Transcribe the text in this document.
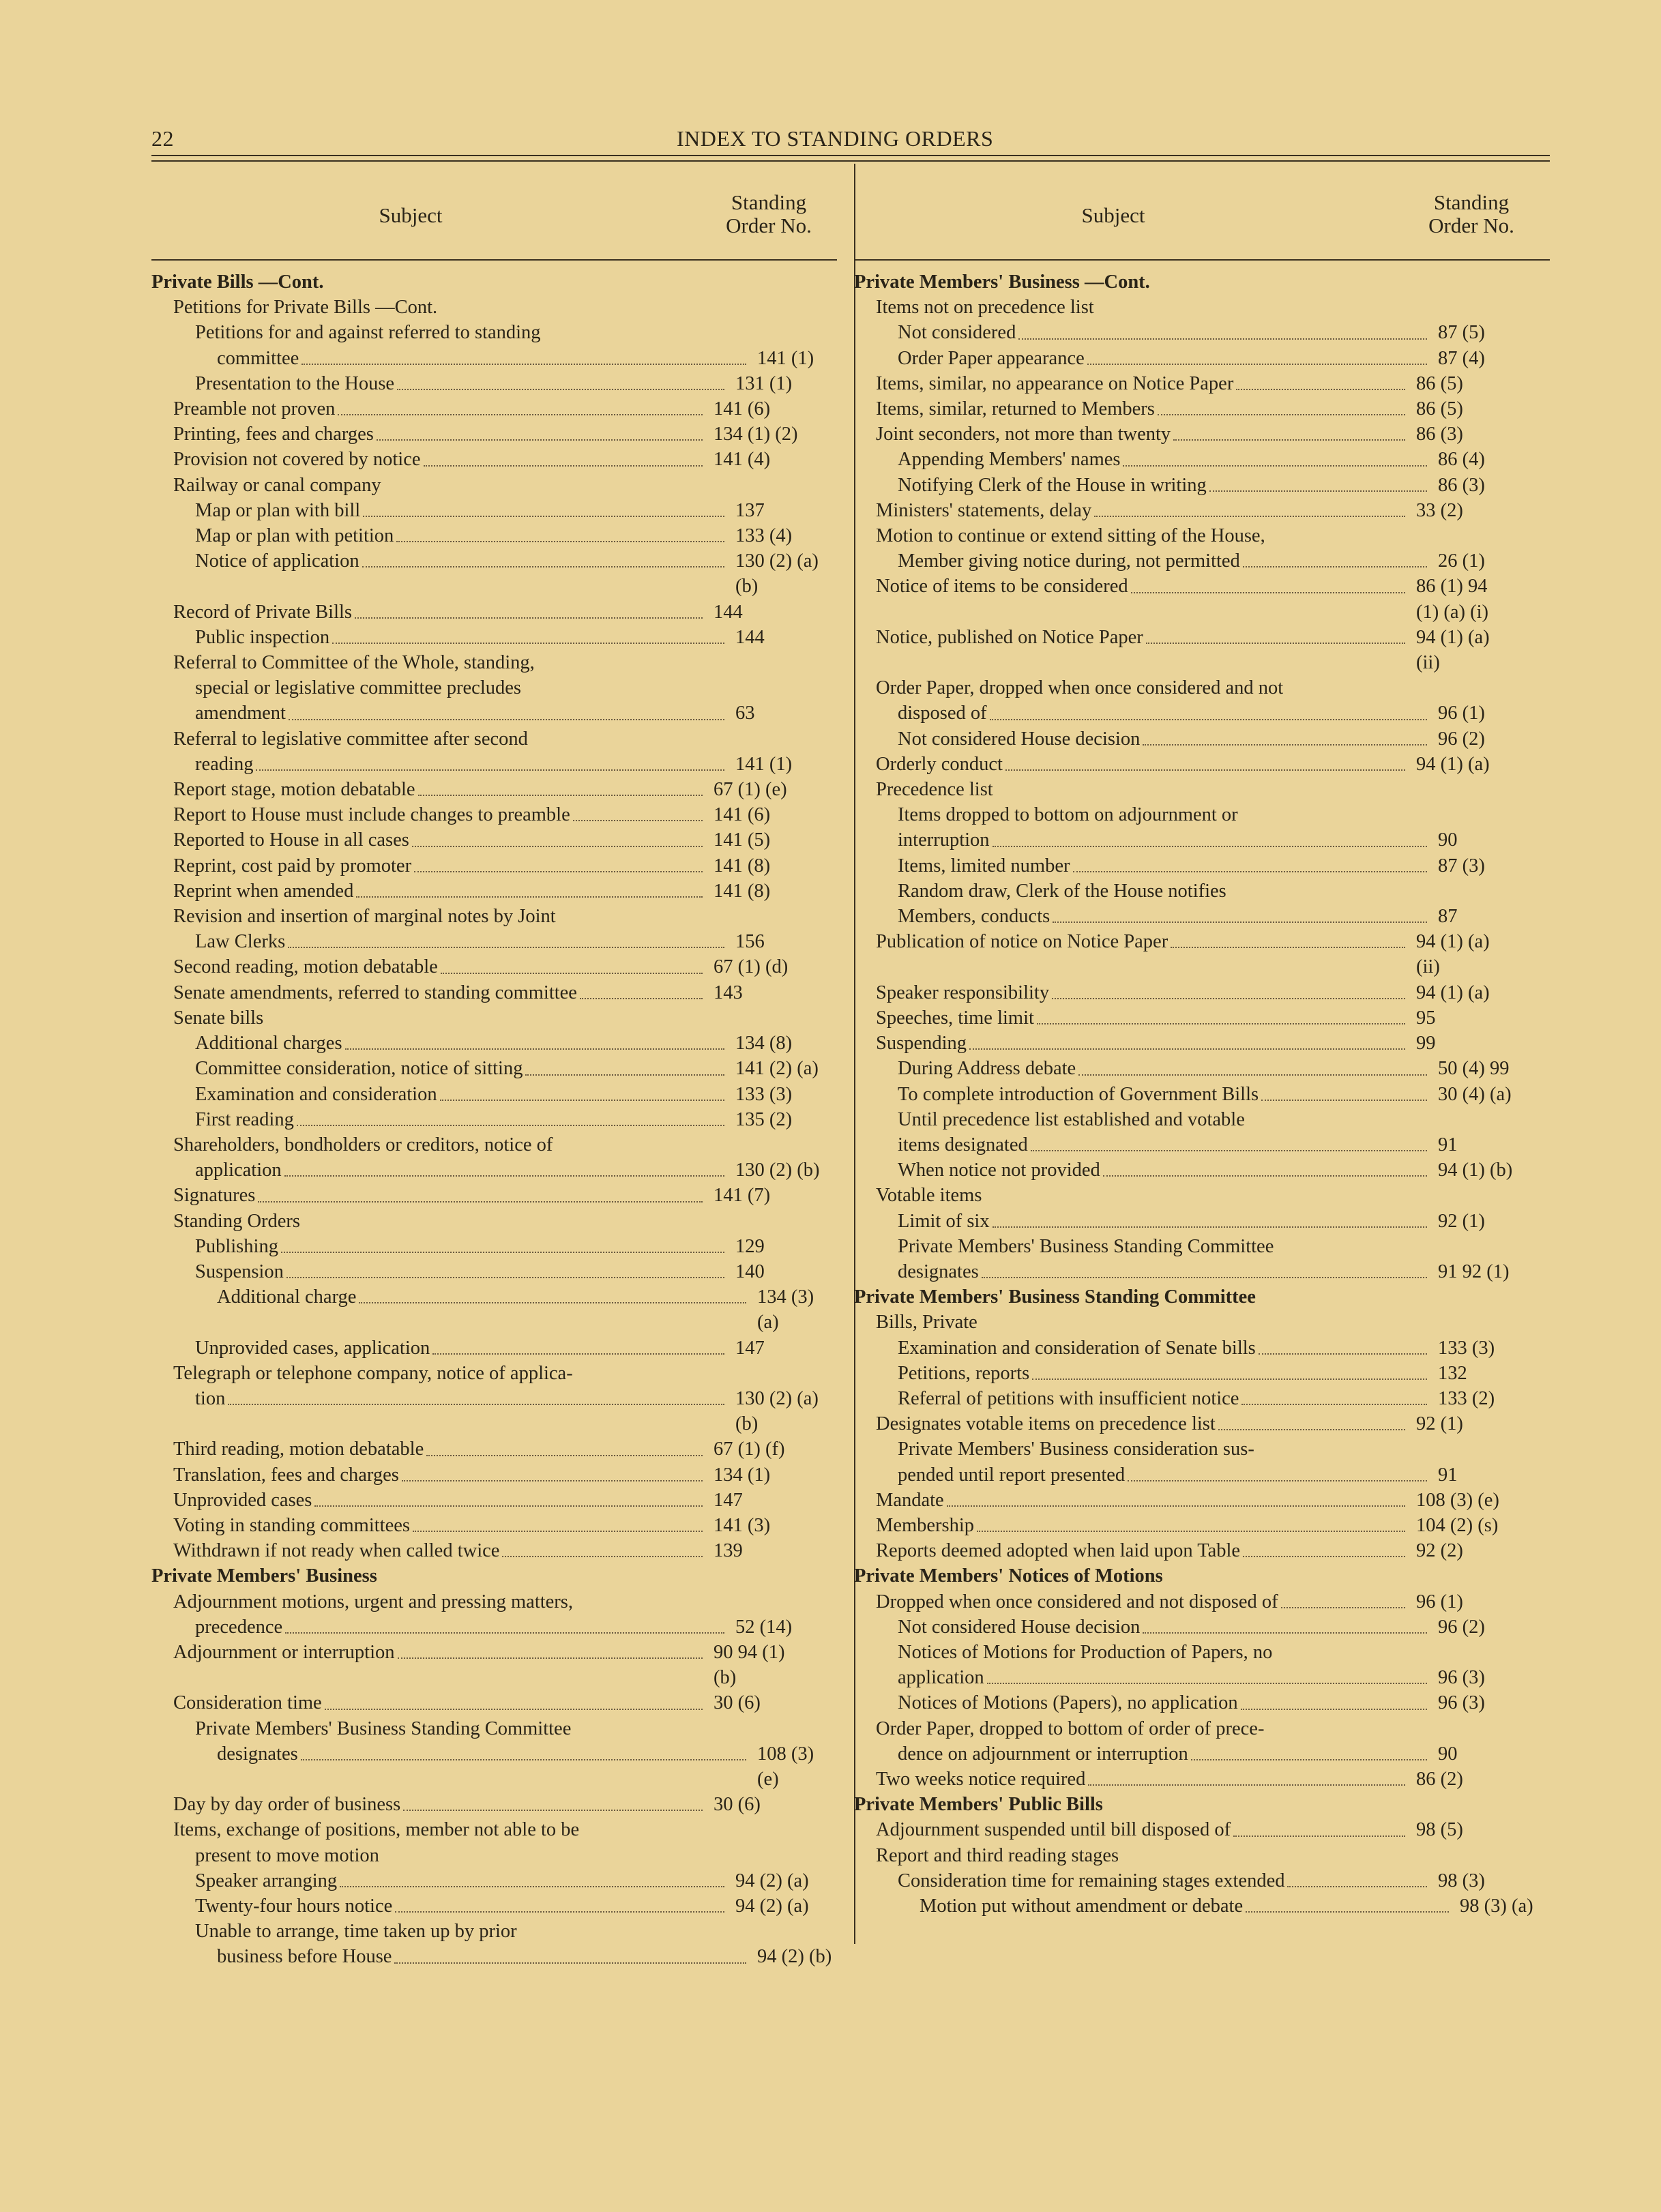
22	INDEX TO STANDING ORDERS
Subject
Standing
Order No.
Private Bills —Cont.
Petitions for Private Bills —Cont.
Petitions for and against referred to standing
committee	141 (1)
Presentation to the House	131 (1)
Preamble not proven	141 (6)
Printing, fees and charges	134 (1) (2)
Provision not covered by notice	141 (4)
Railway or canal company
Map or plan with bill	137
Map or plan with petition	133 (4)
Notice of application	130 (2) (a)
(b)
Record of Private Bills	144
Public inspection	144
Referral to Committee of the Whole, standing,
special or legislative committee precludes
amendment	63
Referral to legislative committee after second
reading	141 (1)
Report stage, motion debatable	67 (1) (e)
Report to House must include changes to preamble	141 (6)
Reported to House in all cases	141 (5)
Reprint, cost paid by promoter	141 (8)
Reprint when amended	141 (8)
Revision and insertion of marginal notes by Joint
Law Clerks	156
Second reading, motion debatable	67 (1) (d)
Senate amendments, referred to standing committee	143
Senate bills
Additional charges	134 (8)
Committee consideration, notice of sitting	141 (2) (a)
Examination and consideration	133 (3)
First reading	135 (2)
Shareholders, bondholders or creditors, notice of
application	130 (2) (b)
Signatures	141 (7)
Standing Orders
Publishing	129
Suspension	140
Additional charge	134 (3) (a)
Unprovided cases, application	147
Telegraph or telephone company, notice of applica-
tion	130 (2) (a)
(b)
Third reading, motion debatable	67 (1) (f)
Translation, fees and charges	134 (1)
Unprovided cases	147
Voting in standing committees	141 (3)
Withdrawn if not ready when called twice	139
Private Members' Business
Adjournment motions, urgent and pressing matters,
precedence	52 (14)
Adjournment or interruption	90 94 (1)
(b)
Consideration time	30 (6)
Private Members' Business Standing Committee
designates	108 (3) (e)
Day by day order of business	30 (6)
Items, exchange of positions, member not able to be
present to move motion
Speaker arranging	94 (2) (a)
Twenty-four hours notice	94 (2) (a)
Unable to arrange, time taken up by prior
business before House	94 (2) (b)
Subject
Standing
Order No.
Private Members' Business —Cont.
Items not on precedence list
Not considered	87 (5)
Order Paper appearance	87 (4)
Items, similar, no appearance on Notice Paper	86 (5)
Items, similar, returned to Members	86 (5)
Joint seconders, not more than twenty	86 (3)
Appending Members' names	86 (4)
Notifying Clerk of the House in writing	86 (3)
Ministers' statements, delay	33 (2)
Motion to continue or extend sitting of the House,
Member giving notice during, not permitted	26 (1)
Notice of items to be considered	86 (1) 94
(1) (a) (i)
Notice, published on Notice Paper	94 (1) (a)
(ii)
Order Paper, dropped when once considered and not
disposed of	96 (1)
Not considered House decision	96 (2)
Orderly conduct	94 (1) (a)
Precedence list
Items dropped to bottom on adjournment or
interruption	90
Items, limited number	87 (3)
Random draw, Clerk of the House notifies
Members, conducts	87
Publication of notice on Notice Paper	94 (1) (a)
(ii)
Speaker responsibility	94 (1) (a)
Speeches, time limit	95
Suspending	99
During Address debate	50 (4) 99
To complete introduction of Government Bills	30 (4) (a)
Until precedence list established and votable
items designated	91
When notice not provided	94 (1) (b)
Votable items
Limit of six	92 (1)
Private Members' Business Standing Committee
designates	91 92 (1)
Private Members' Business Standing Committee
Bills, Private
Examination and consideration of Senate bills	133 (3)
Petitions, reports	132
Referral of petitions with insufficient notice	133 (2)
Designates votable items on precedence list	92 (1)
Private Members' Business consideration sus-
pended until report presented	91
Mandate	108 (3) (e)
Membership	104 (2) (s)
Reports deemed adopted when laid upon Table	92 (2)
Private Members' Notices of Motions
Dropped when once considered and not disposed of	96 (1)
Not considered House decision	96 (2)
Notices of Motions for Production of Papers, no
application	96 (3)
Notices of Motions (Papers), no application	96 (3)
Order Paper, dropped to bottom of order of prece-
dence on adjournment or interruption	90
Two weeks notice required	86 (2)
Private Members' Public Bills
Adjournment suspended until bill disposed of	98 (5)
Report and third reading stages
Consideration time for remaining stages extended	98 (3)
Motion put without amendment or debate	98 (3) (a)
